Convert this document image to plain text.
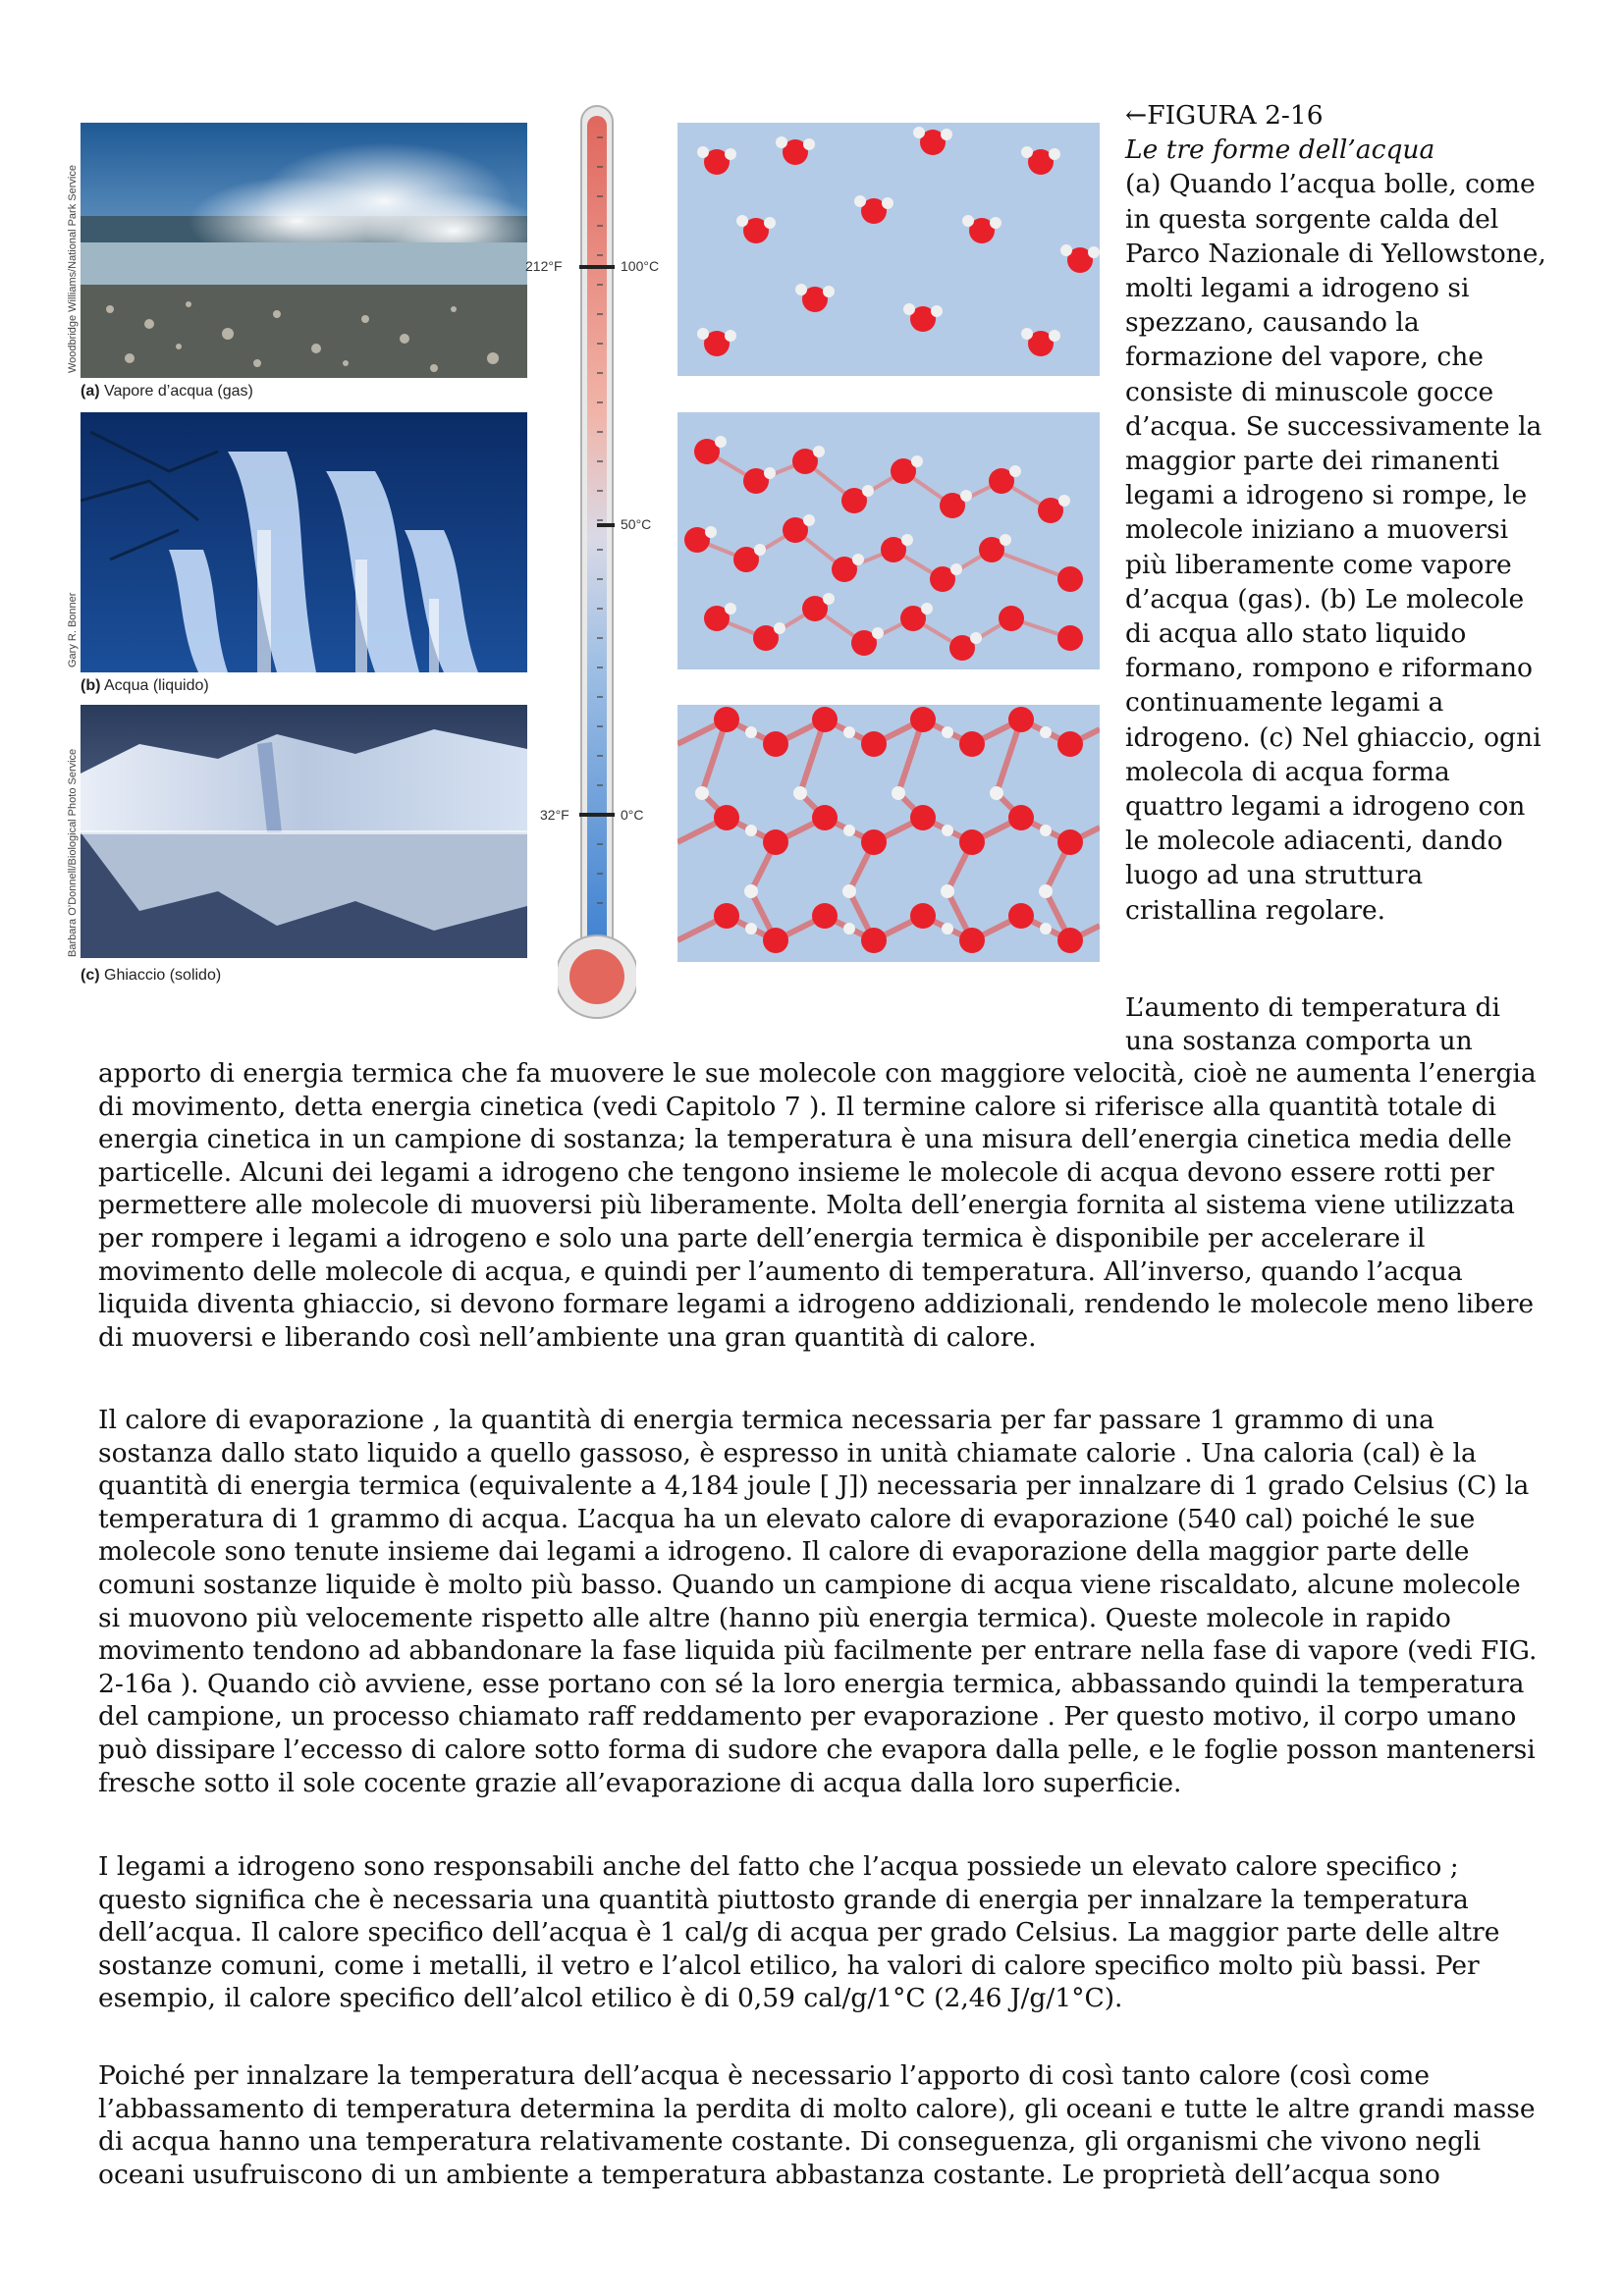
Woodbridge Williams/National Park Service
(a) Vapore d’acqua (gas)
Gary R. Bonner
(b) Acqua (liquido)
Barbara O’Donnell/Biological Photo Service
(c) Ghiaccio (solido)
212°F	100°C
50°C
32°F	0°C
←FIGURA 2-16
Le tre forme dell’acqua
(a) Quando l’acqua bolle, come in questa sorgente calda del Parco Nazionale di Yellowstone, molti legami a idrogeno si spezzano, causando la formazione del vapore, che consiste di minuscole gocce d’acqua. Se successivamente la maggior parte dei rimanenti legami a idrogeno si rompe, le molecole iniziano a muoversi più liberamente come vapore d’acqua (gas). (b) Le molecole di acqua allo stato liquido formano, rompono e riformano continuamente legami a idrogeno. (c) Nel ghiaccio, ogni molecola di acqua forma quattro legami a idrogeno con le molecole adiacenti, dando luogo ad una struttura cristallina regolare.
L’aumento di temperatura di una sostanza comporta un

apporto di energia termica che fa muovere le sue molecole con maggiore velocità, cioè ne aumenta l’energia di movimento, detta energia cinetica (vedi Capitolo 7 ). Il termine calore si riferisce alla quantità totale di energia cinetica in un campione di sostanza; la temperatura è una misura dell’energia cinetica media delle particelle. Alcuni dei legami a idrogeno che tengono insieme le molecole di acqua devono essere rotti per permettere alle molecole di muoversi più liberamente. Molta dell’energia fornita al sistema viene utilizzata per rompere i legami a idrogeno e solo una parte dell’energia termica è disponibile per accelerare il movimento delle molecole di acqua, e quindi per l’aumento di temperatura. All’inverso, quando l’acqua liquida diventa ghiaccio, si devono formare legami a idrogeno addizionali, rendendo le molecole meno libere di muoversi e liberando così nell’ambiente una gran quantità di calore.

Il calore di evaporazione , la quantità di energia termica necessaria per far passare 1 grammo di una sostanza dallo stato liquido a quello gassoso, è espresso in unità chiamate calorie . Una caloria (cal) è la quantità di energia termica (equivalente a 4,184 joule [ J]) necessaria per innalzare di 1 grado Celsius (C) la temperatura di 1 grammo di acqua. L’acqua ha un elevato calore di evaporazione (540 cal) poiché le sue molecole sono tenute insieme dai legami a idrogeno. Il calore di evaporazione della maggior parte delle comuni sostanze liquide è molto più basso. Quando un campione di acqua viene riscaldato, alcune molecole si muovono più velocemente rispetto alle altre (hanno più energia termica). Queste molecole in rapido movimento tendono ad abbandonare la fase liquida più facilmente per entrare nella fase di vapore (vedi FIG. 2-16a ). Quando ciò avviene, esse portano con sé la loro energia termica, abbassando quindi la temperatura del campione, un processo chiamato raff reddamento per evaporazione . Per questo motivo, il corpo umano può dissipare l’eccesso di calore sotto forma di sudore che evapora dalla pelle, e le foglie posson mantenersi fresche sotto il sole cocente grazie all’evaporazione di acqua dalla loro superficie.

I legami a idrogeno sono responsabili anche del fatto che l’acqua possiede un elevato calore specifico ; questo significa che è necessaria una quantità piuttosto grande di energia per innalzare la temperatura dell’acqua. Il calore specifico dell’acqua è 1 cal/g di acqua per grado Celsius. La maggior parte delle altre sostanze comuni, come i metalli, il vetro e l’alcol etilico, ha valori di calore specifico molto più bassi. Per esempio, il calore specifico dell’alcol etilico è di 0,59 cal/g/1°C (2,46 J/g/1°C).

Poiché per innalzare la temperatura dell’acqua è necessario l’apporto di così tanto calore (così come l’abbassamento di temperatura determina la perdita di molto calore), gli oceani e tutte le altre grandi masse di acqua hanno una temperatura relativamente costante. Di conseguenza, gli organismi che vivono negli oceani usufruiscono di un ambiente a temperatura abbastanza costante. Le proprietà dell’acqua sono
